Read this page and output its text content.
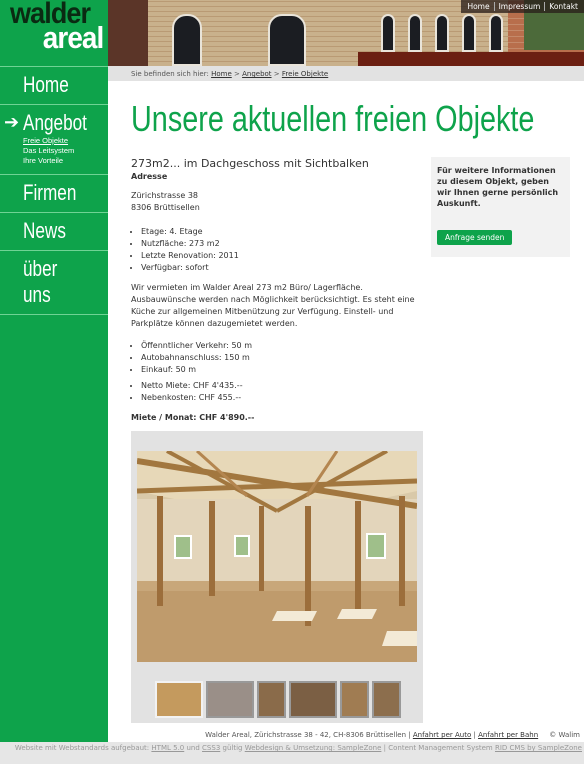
walder
areal
Home
➔ Angebot
Freie Objekte
Das Leitsystem
Ihre Vorteile
Firmen
News
über uns
Home	Impressum	Kontakt
Sie befinden sich hier: Home > Angebot > Freie Objekte
Unsere aktuellen freien Objekte
273m2... im Dachgeschoss mit Sichtbalken
Adresse
Zürichstrasse 38
8306 Brüttisellen
• Etage: 4. Etage
• Nutzfläche: 273 m2
• Letzte Renovation: 2011
• Verfügbar: sofort

Wir vermieten im Walder Areal 273 m2 Büro/ Lagerfläche. Ausbauwünsche werden nach Möglichkeit berücksichtigt. Es steht eine Küche zur allgemeinen Mitbenützung zur Verfügung. Einstell- und Parkplätze können dazugemietet werden.

• Öffenntlicher Verkehr: 50 m
• Autobahnanschluss: 150 m
• Einkauf: 50 m
• Netto Miete: CHF 4'435.--
• Nebenkosten: CHF 455.--
Miete / Monat: CHF 4'890.--
Für weitere Informationen zu diesem Objekt, geben wir Ihnen gerne persönlich Auskunft.
Anfrage senden
Walder Areal, Zürichstrasse 38 - 42, CH-8306 Brüttisellen | Anfahrt per Auto | Anfahrt per Bahn © Walim
Website mit Webstandards aufgebaut: HTML 5.0 und CSS3 gültig Webdesign & Umsetzung: SampleZone | Content Management System RID CMS by SampleZone
